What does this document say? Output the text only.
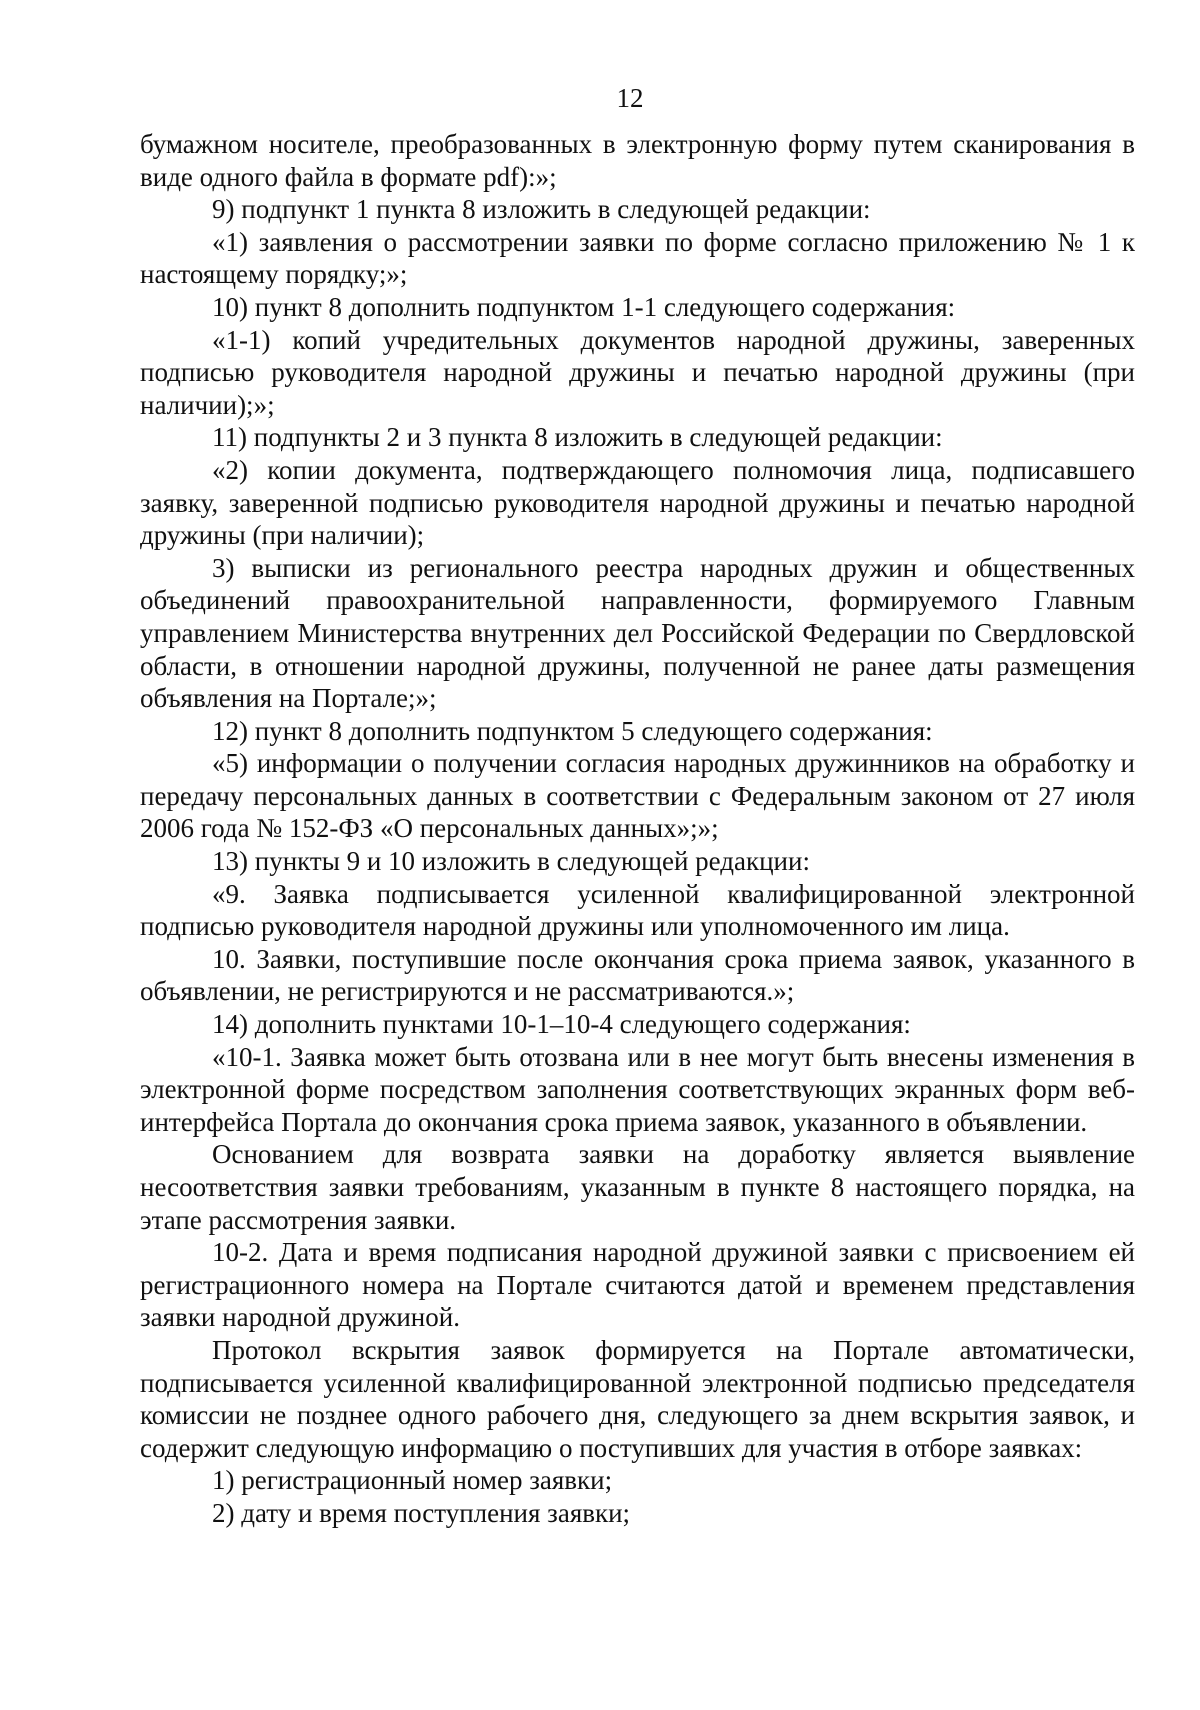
12

бумажном носителе, преобразованных в электронную форму путем сканирования в виде одного файла в формате pdf):»;

9) подпункт 1 пункта 8 изложить в следующей редакции:

«1) заявления о рассмотрении заявки по форме согласно приложению № 1 к настоящему порядку;»;

10) пункт 8 дополнить подпунктом 1-1 следующего содержания:

«1-1) копий учредительных документов народной дружины, заверенных подписью руководителя народной дружины и печатью народной дружины (при наличии);»;

11) подпункты 2 и 3 пункта 8 изложить в следующей редакции:

«2) копии документа, подтверждающего полномочия лица, подписавшего заявку, заверенной подписью руководителя народной дружины и печатью народной дружины (при наличии);

3) выписки из регионального реестра народных дружин и общественных объединений правоохранительной направленности, формируемого Главным управлением Министерства внутренних дел Российской Федерации по Свердловской области, в отношении народной дружины, полученной не ранее даты размещения объявления на Портале;»;

12) пункт 8 дополнить подпунктом 5 следующего содержания:

«5) информации о получении согласия народных дружинников на обработку и передачу персональных данных в соответствии с Федеральным законом от 27 июля 2006 года № 152-ФЗ «О персональных данных»;»;

13) пункты 9 и 10 изложить в следующей редакции:

«9. Заявка подписывается усиленной квалифицированной электронной подписью руководителя народной дружины или уполномоченного им лица.

10. Заявки, поступившие после окончания срока приема заявок, указанного в объявлении, не регистрируются и не рассматриваются.»;

14) дополнить пунктами 10-1–10-4 следующего содержания:

«10-1. Заявка может быть отозвана или в нее могут быть внесены изменения в электронной форме посредством заполнения соответствующих экранных форм веб-интерфейса Портала до окончания срока приема заявок, указанного в объявлении.

Основанием для возврата заявки на доработку является выявление несоответствия заявки требованиям, указанным в пункте 8 настоящего порядка, на этапе рассмотрения заявки.

10-2. Дата и время подписания народной дружиной заявки с присвоением ей регистрационного номера на Портале считаются датой и временем представления заявки народной дружиной.

Протокол вскрытия заявок формируется на Портале автоматически, подписывается усиленной квалифицированной электронной подписью председателя комиссии не позднее одного рабочего дня, следующего за днем вскрытия заявок, и содержит следующую информацию о поступивших для участия в отборе заявках:

1) регистрационный номер заявки;

2) дату и время поступления заявки;
